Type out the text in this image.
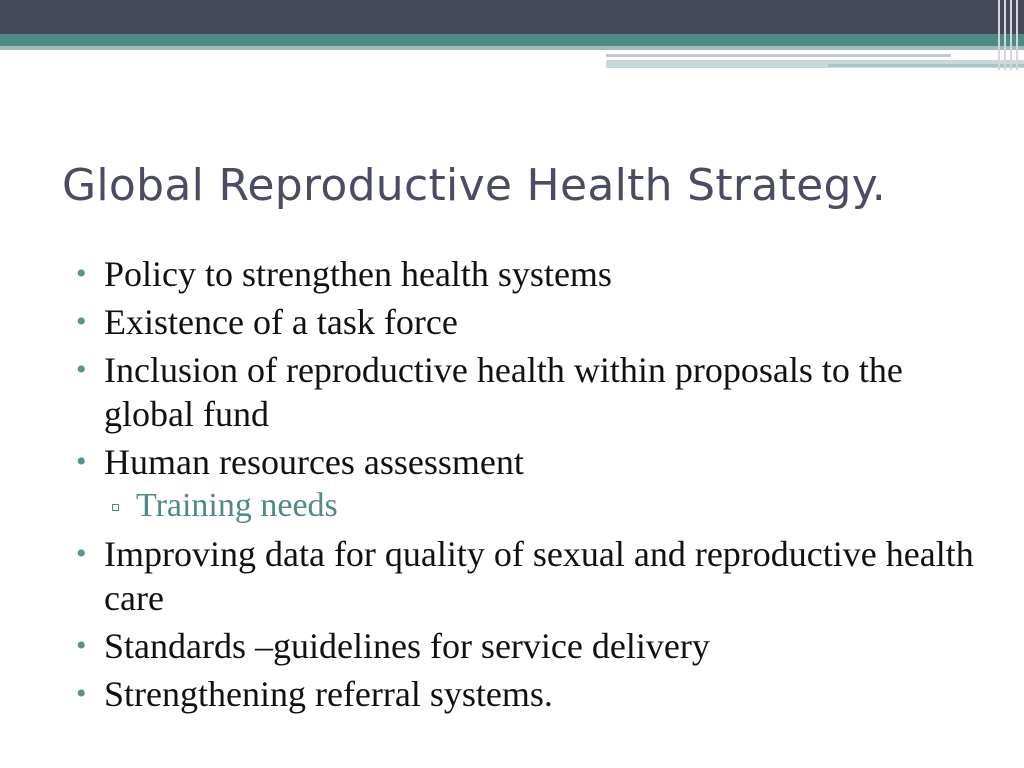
Global Reproductive Health Strategy.
• Policy to strengthen health systems
• Existence of a task force
• Inclusion of reproductive health within proposals to the global fund
• Human resources assessment
Training needs
• Improving data for quality of sexual and reproductive health care
• Standards –guidelines for service delivery
• Strengthening referral systems.
